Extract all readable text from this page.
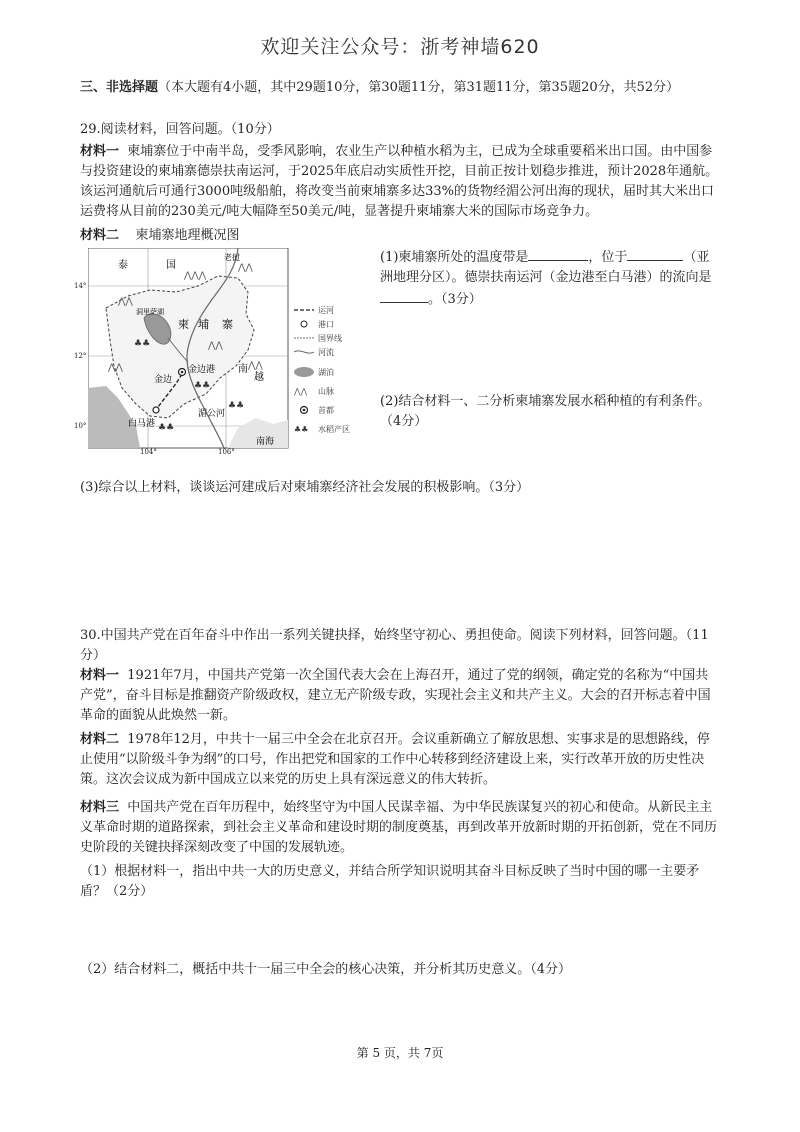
欢迎关注公众号：浙考神墙620
三、非选择题（本大题有4小题，其中29题10分，第30题11分，第31题11分，第35题20分，共52分）
29.阅读材料，回答问题。（10分）
材料一 柬埔寨位于中南半岛，受季风影响，农业生产以种植水稻为主，已成为全球重要稻米出口国。由中国参与投资建设的柬埔寨德崇扶南运河，于2025年底启动实质性开挖，目前正按计划稳步推进，预计2028年通航。该运河通航后可通行3000吨级船舶，将改变当前柬埔寨多达33%的货物经湄公河出海的现状，届时其大米出口运费将从目前的230美元/吨大幅降至50美元/吨，显著提升柬埔寨大米的国际市场竞争力。
材料二 柬埔寨地理概况图
⋀⋀
⋀⋀⋀
⋀⋀
⋀⋀	⋀⋀
⋀⋀
♣♣
♣♣
♣♣
♣♣
泰	国
老挝
柬 埔 寨
洞里萨湖
金边港
金边
白马港
南
越
湄公河
南海
运河
港口
国界线
河流
湖泊
⋀⋀ 山脉
首都
♣♣ 水稻产区
14°
12°
10°
104°	106°
(1)柬埔寨所处的温度带是	，位于	（亚洲地理分区）。德崇扶南运河（金边港至白马港）的流向是。（3分）
(2)结合材料一、二分析柬埔寨发展水稻种植的有利条件。（4分）
(3)综合以上材料，谈谈运河建成后对柬埔寨经济社会发展的积极影响。（3分）
30.中国共产党在百年奋斗中作出一系列关键抉择，始终坚守初心、勇担使命。阅读下列材料，回答问题。（11分）
材料一 1921年7月，中国共产党第一次全国代表大会在上海召开，通过了党的纲领，确定党的名称为“中国共产党”，奋斗目标是推翻资产阶级政权，建立无产阶级专政，实现社会主义和共产主义。大会的召开标志着中国革命的面貌从此焕然一新。
材料二 1978年12月，中共十一届三中全会在北京召开。会议重新确立了解放思想、实事求是的思想路线，停止使用“以阶级斗争为纲”的口号，作出把党和国家的工作中心转移到经济建设上来，实行改革开放的历史性决策。这次会议成为新中国成立以来党的历史上具有深远意义的伟大转折。
材料三 中国共产党在百年历程中，始终坚守为中国人民谋幸福、为中华民族谋复兴的初心和使命。从新民主主义革命时期的道路探索，到社会主义革命和建设时期的制度奠基，再到改革开放新时期的开拓创新，党在不同历史阶段的关键抉择深刻改变了中国的发展轨迹。
（1）根据材料一，指出中共一大的历史意义，并结合所学知识说明其奋斗目标反映了当时中国的哪一主要矛盾？（2分）
（2）结合材料二，概括中共十一届三中全会的核心决策，并分析其历史意义。（4分）
第 5 页，共 7页
